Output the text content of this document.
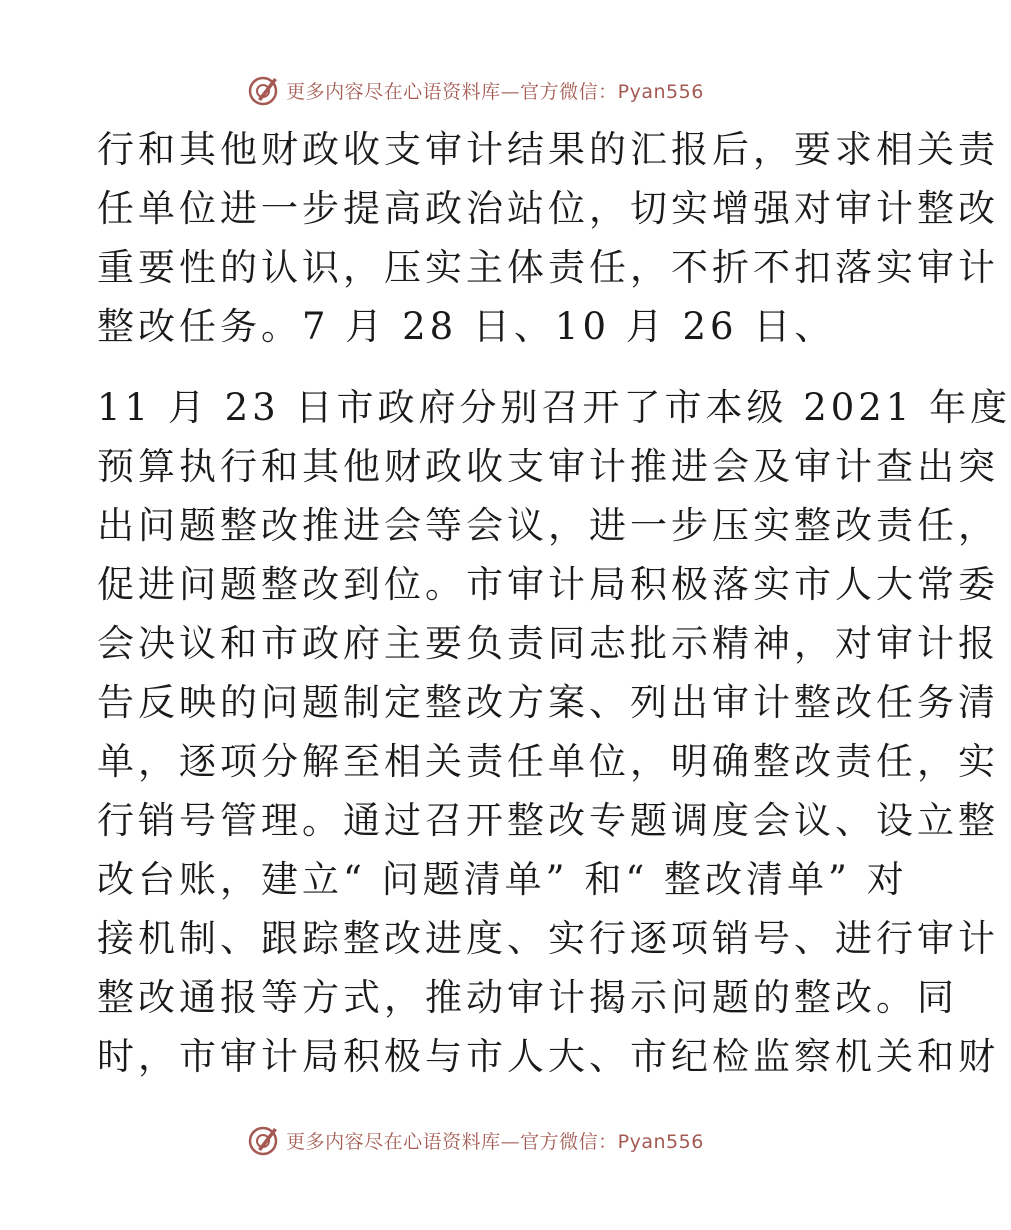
更多内容尽在心语资料库—官方微信：Pyan556
行和其他财政收支审计结果的汇报后，要求相关责
任单位进一步提高政治站位，切实增强对审计整改
重要性的认识，压实主体责任，不折不扣落实审计
整改任务。7 月 28 日、10 月 26 日、
11 月 23 日市政府分别召开了市本级 2021 年度
预算执行和其他财政收支审计推进会及审计查出突
出问题整改推进会等会议，进一步压实整改责任，
促进问题整改到位。市审计局积极落实市人大常委
会决议和市政府主要负责同志批示精神，对审计报
告反映的问题制定整改方案、列出审计整改任务清
单，逐项分解至相关责任单位，明确整改责任，实
行销号管理。通过召开整改专题调度会议、设立整
改台账，建立“ 问题清单” 和“ 整改清单” 对
接机制、跟踪整改进度、实行逐项销号、进行审计
整改通报等方式，推动审计揭示问题的整改。同
时，市审计局积极与市人大、市纪检监察机关和财
更多内容尽在心语资料库—官方微信：Pyan556
